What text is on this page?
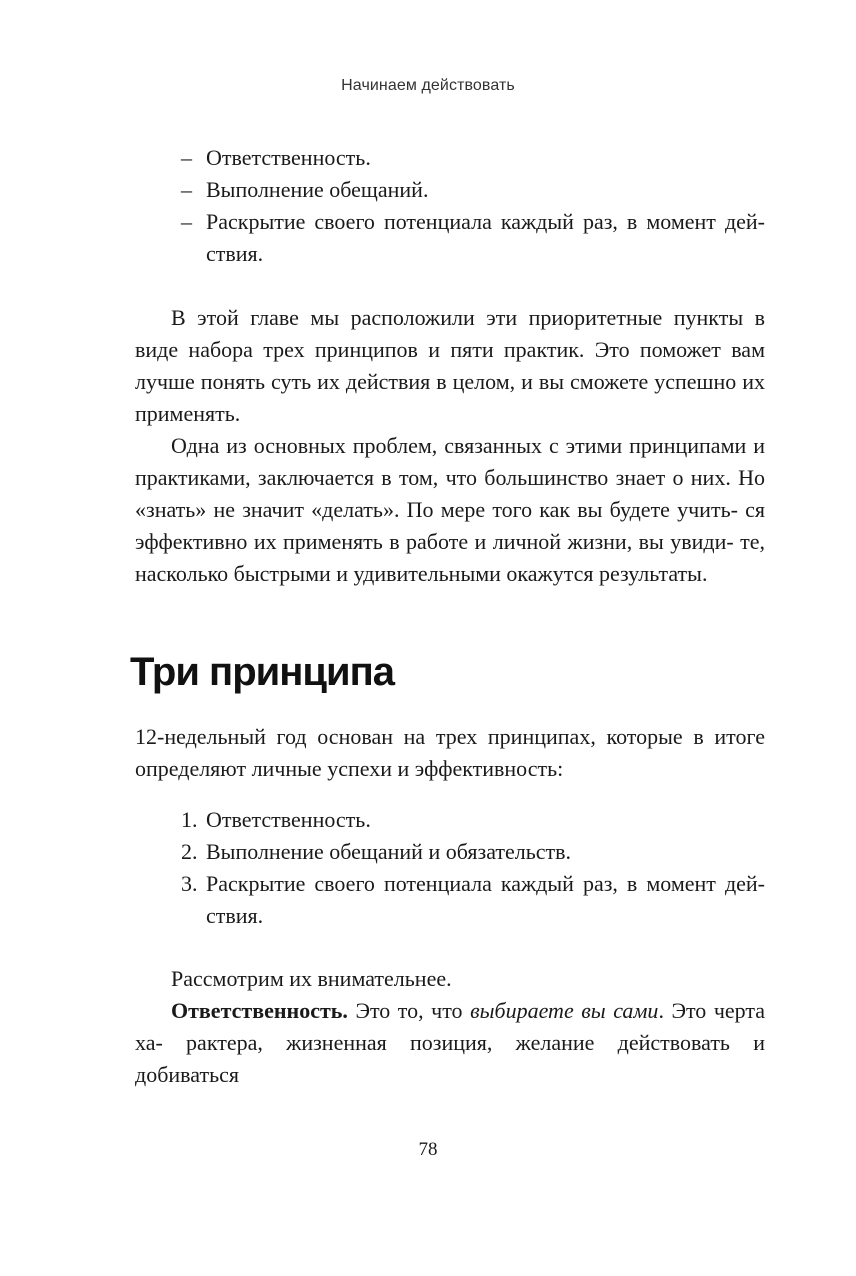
Начинаем действовать
– Ответственность.
– Выполнение обещаний.
– Раскрытие своего потенциала каждый раз, в момент дей- ствия.

В этой главе мы расположили эти приоритетные пункты в виде набора трех принципов и пяти практик. Это поможет вам лучше понять суть их действия в целом, и вы сможете успешно их применять.

Одна из основных проблем, связанных с этими принципами и практиками, заключается в том, что большинство знает о них. Но «знать» не значит «делать». По мере того как вы будете учить- ся эффективно их применять в работе и личной жизни, вы увиди- те, насколько быстрыми и удивительными окажутся результаты.

Три принципа
12-недельный год основан на трех принципах, которые в итоге определяют личные успехи и эффективность:
1. Ответственность.
2. Выполнение обещаний и обязательств.
3. Раскрытие своего потенциала каждый раз, в момент дей- ствия.

Рассмотрим их внимательнее.

Ответственность. Это то, что выбираете вы сами. Это черта ха- рактера, жизненная позиция, желание действовать и добиваться

78
